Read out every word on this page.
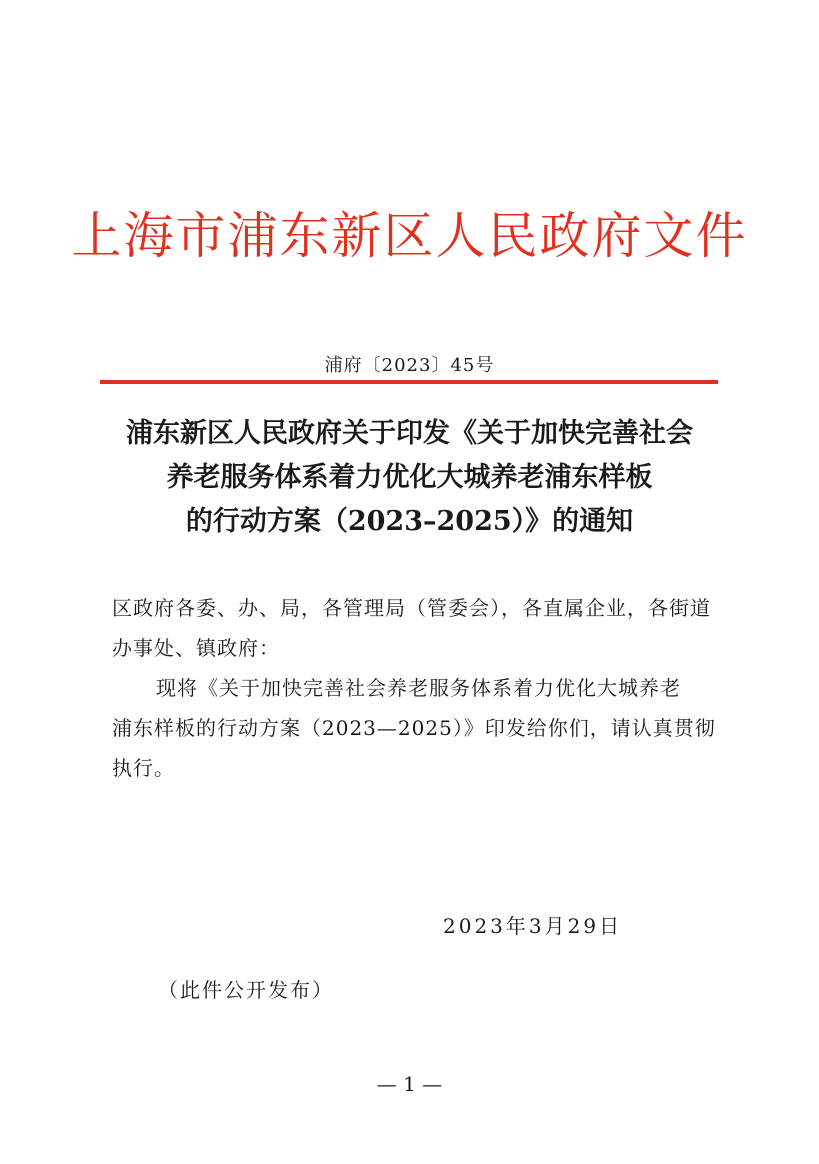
上海市浦东新区人民政府文件
浦府〔2023〕45号
浦东新区人民政府关于印发《关于加快完善社会
养老服务体系着力优化大城养老浦东样板
的行动方案（2023–2025）》的通知

区政府各委、办、局，各管理局（管委会），各直属企业，各街道

办事处、镇政府：

现将《关于加快完善社会养老服务体系着力优化大城养老

浦东样板的行动方案（2023—2025）》印发给你们，请认真贯彻

执行。

2023年3月29日
（此件公开发布）
— 1 —
